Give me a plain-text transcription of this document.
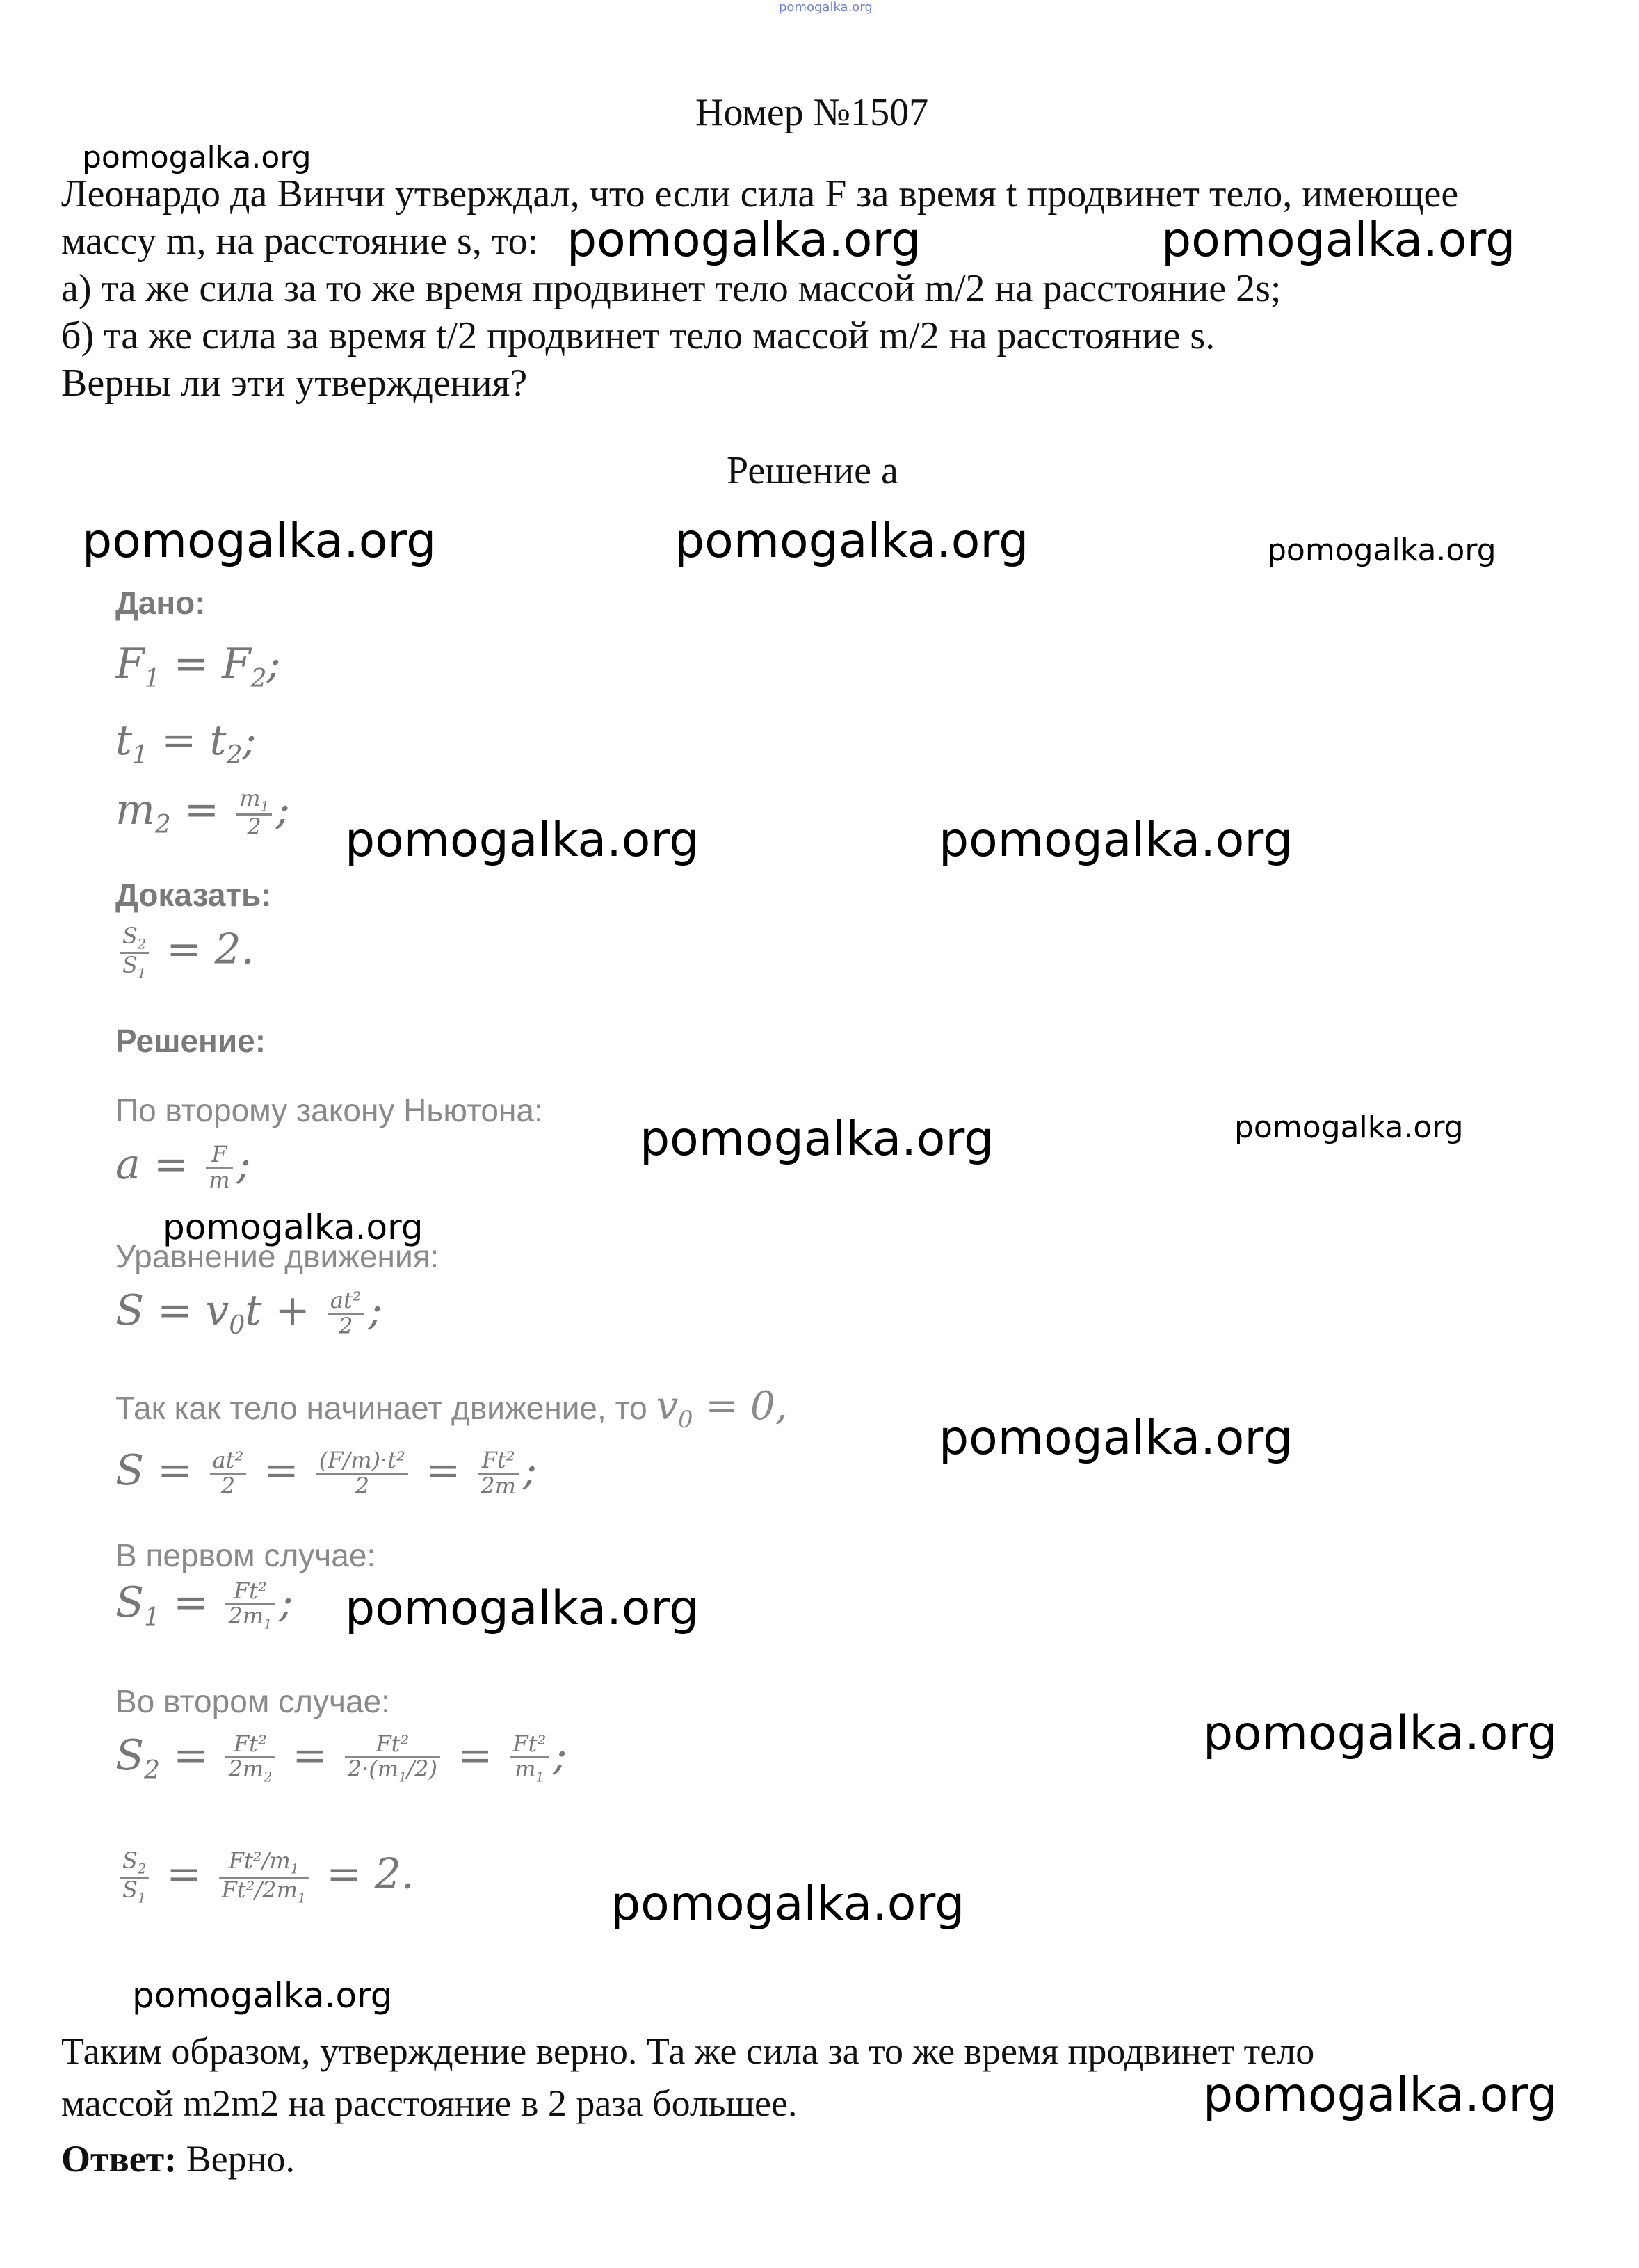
pomogalka.org
Номер №1507
Леонардо да Винчи утверждал, что если сила F за время t продвинет тело, имеющее
массу m, на расстояние s, то:
а) та же сила за то же время продвинет тело массой m/2 на расстояние 2s;
б) та же сила за время t/2 продвинет тело массой m/2 на расстояние s.
Верны ли эти утверждения?
Решение а
Дано:
$F_1 = F_2$;
$t_1 = t_2$;
$m_2 = \frac{m_1}{2}$ ;
Доказать:
$\frac{S_2}{S_1} = 2$.
Решение:
По второму закону Ньютона:
$a = \frac{F}{m}$ ;
Уравнение движения:
$S = v_0t + \frac{\text{at²}}{2}$ ;
Так как тело начинает движение, то $v_0 = 0$,
$S = \frac{\text{at²}}{2} = \frac{\text{(F/m)·t²}}{2} = \frac{\text{Ft²}}{2m}$ ;
В первом случае:
$S_1 = \frac{\text{Ft²}}{2m_1}$ ;
Во втором случае:
$S_2 = \frac{\text{Ft²}}{2m_2} = \frac{\text{Ft²}}{2\cdot(m_1/2)} = \frac{\text{Ft²}}{m_1}$ ;
$\frac{S_2}{S_1} = \frac{Ft^2/m_1}{Ft^2/2m_1} = 2$.
Таким образом, утверждение верно. Та же сила за то же время продвинет тело
массой m2m2 на расстояние в 2 раза большее.
Ответ: Верно.
pomogalka.org
pomogalka.org	pomogalka.org
pomogalka.org	pomogalka.org	pomogalka.org
pomogalka.org	pomogalka.org
pomogalka.org	pomogalka.org
pomogalka.org
pomogalka.org
pomogalka.org
pomogalka.org
pomogalka.org
pomogalka.org
pomogalka.org
